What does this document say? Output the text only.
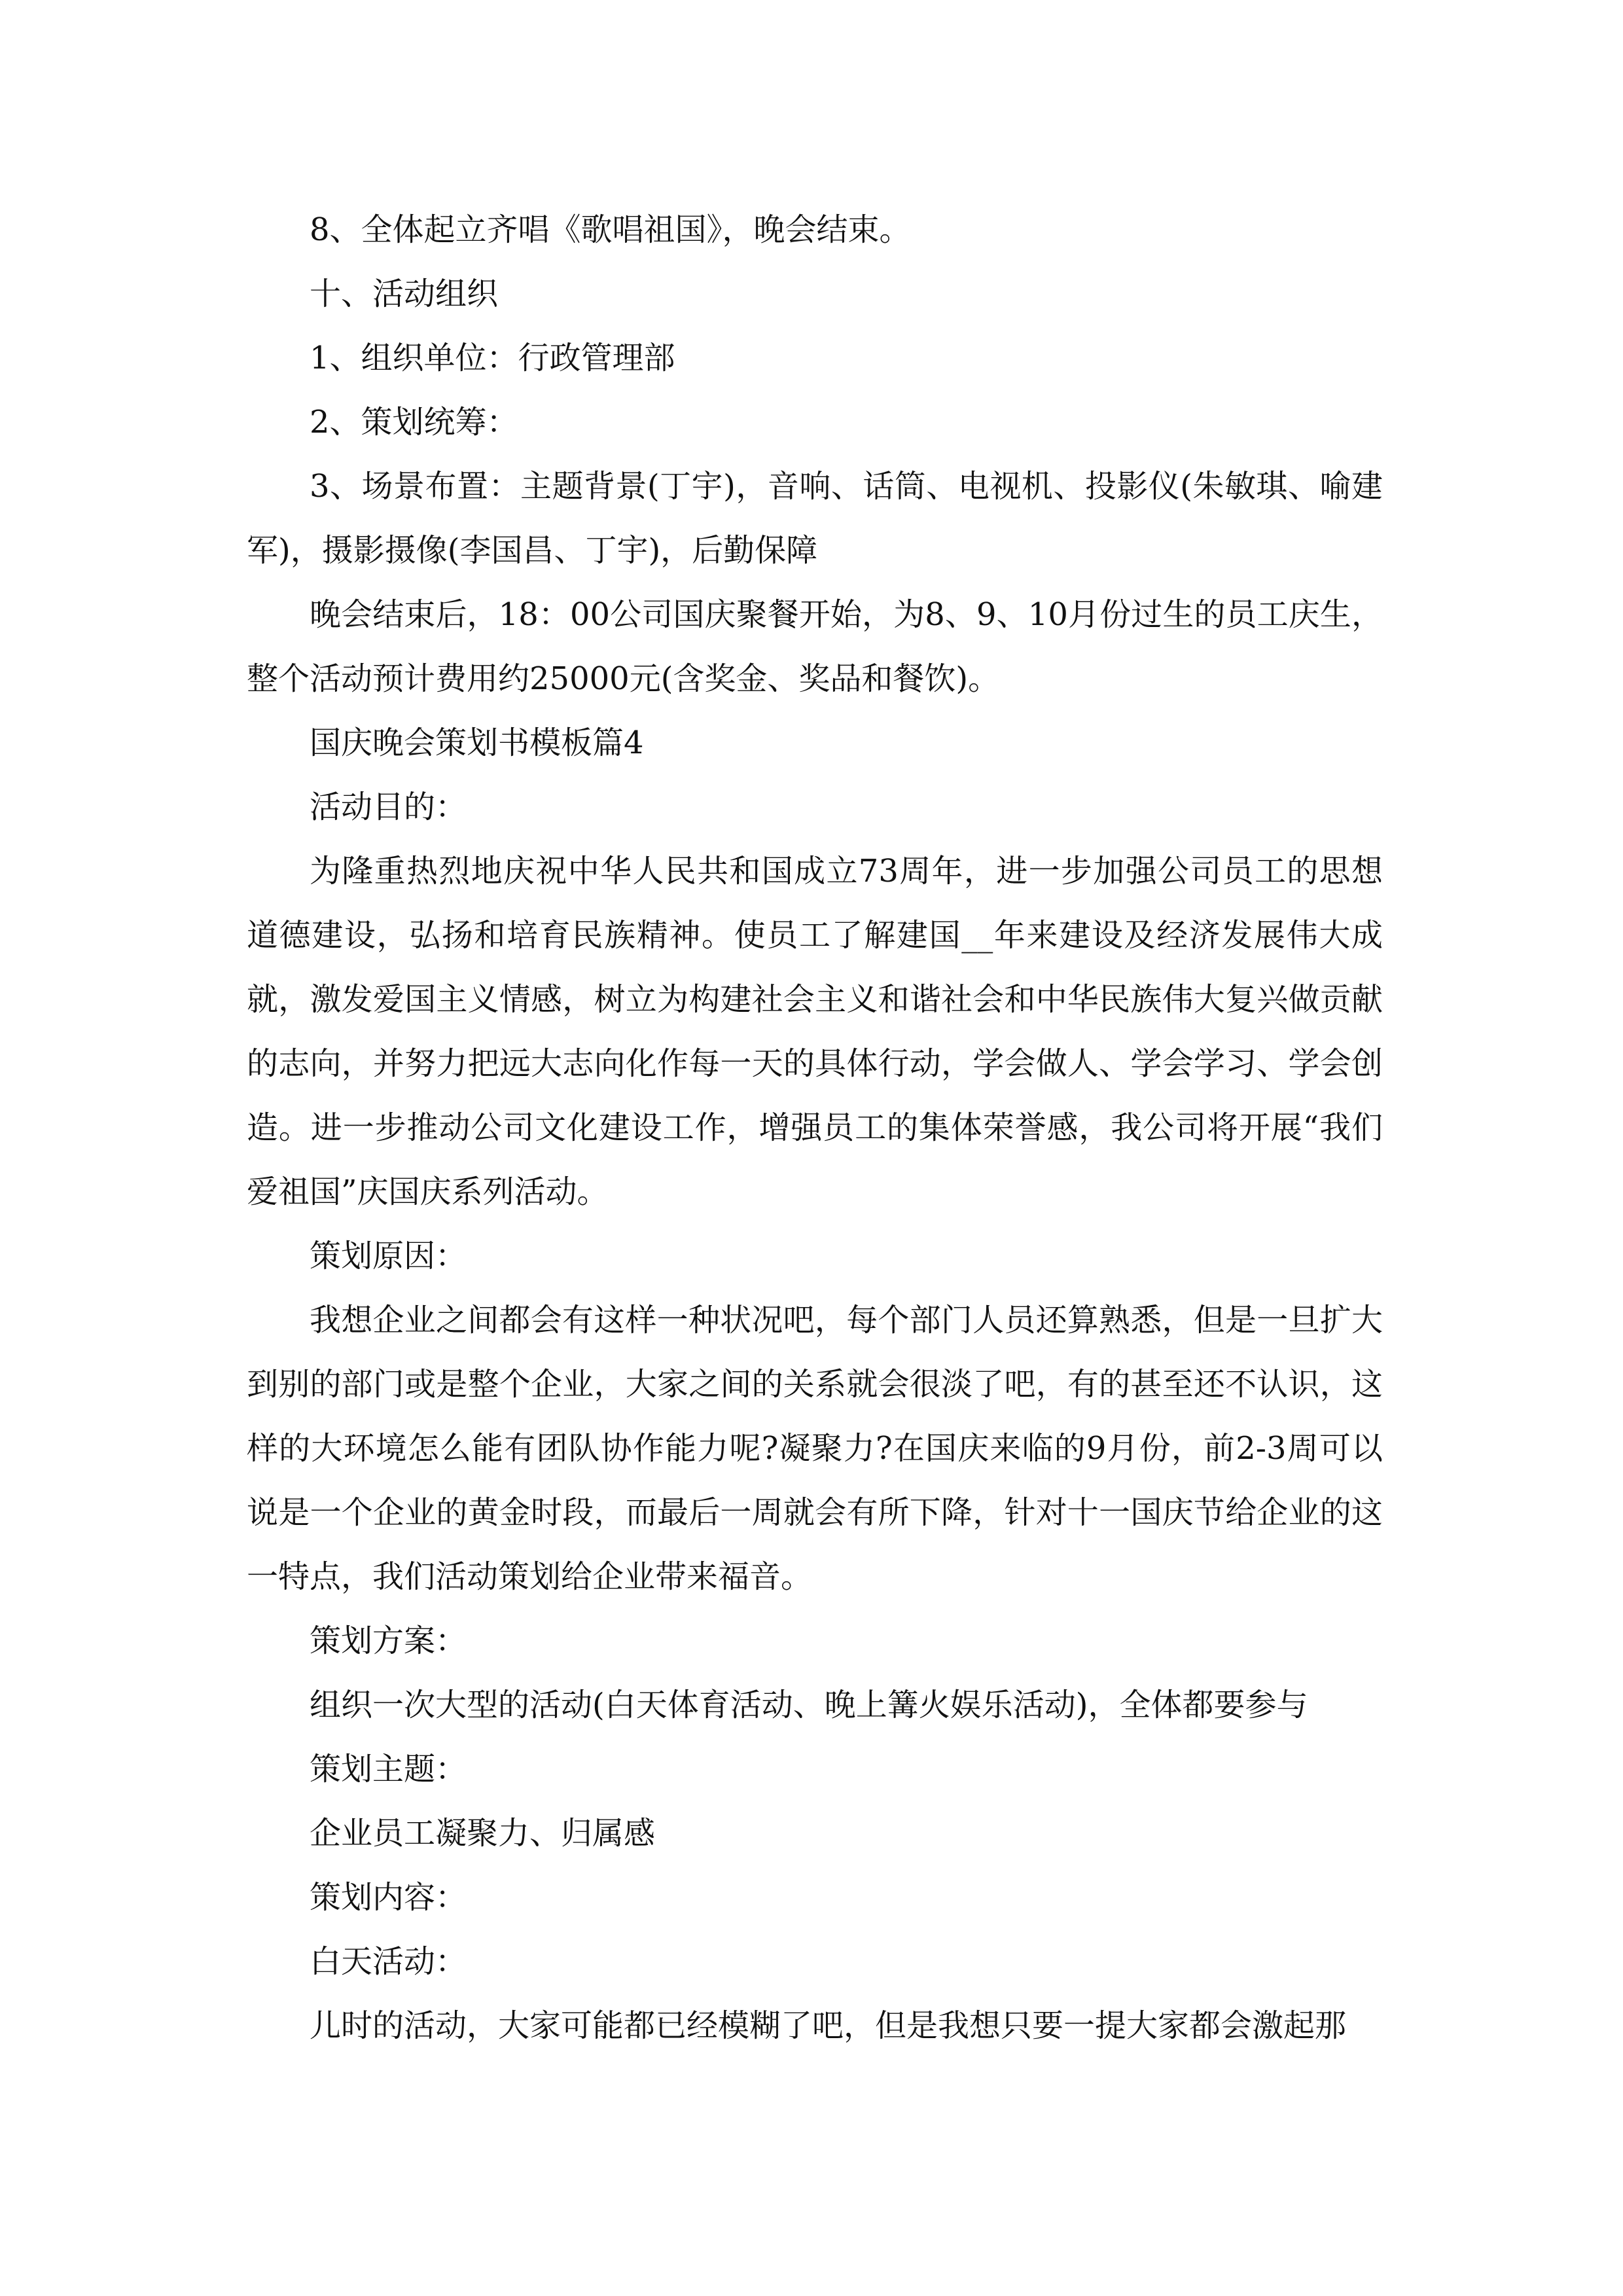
8、全体起立齐唱《歌唱祖国》，晚会结束。

十、活动组织

1、组织单位：行政管理部

2、策划统筹：

3、场景布置：主题背景(丁宇)，音响、话筒、电视机、投影仪(朱敏琪、喻建军)，摄影摄像(李国昌、丁宇)，后勤保障

晚会结束后，18：00公司国庆聚餐开始，为8、9、10月份过生的员工庆生，整个活动预计费用约25000元(含奖金、奖品和餐饮)。

国庆晚会策划书模板篇4

活动目的：

为隆重热烈地庆祝中华人民共和国成立73周年，进一步加强公司员工的思想道德建设，弘扬和培育民族精神。使员工了解建国__年来建设及经济发展伟大成就，激发爱国主义情感，树立为构建社会主义和谐社会和中华民族伟大复兴做贡献的志向，并努力把远大志向化作每一天的具体行动，学会做人、学会学习、学会创造。进一步推动公司文化建设工作，增强员工的集体荣誉感，我公司将开展“我们爱祖国”庆国庆系列活动。

策划原因：

我想企业之间都会有这样一种状况吧，每个部门人员还算熟悉，但是一旦扩大到别的部门或是整个企业，大家之间的关系就会很淡了吧，有的甚至还不认识，这样的大环境怎么能有团队协作能力呢?凝聚力?在国庆来临的9月份，前2-3周可以说是一个企业的黄金时段，而最后一周就会有所下降，针对十一国庆节给企业的这一特点，我们活动策划给企业带来福音。

策划方案：

组织一次大型的活动(白天体育活动、晚上篝火娱乐活动)，全体都要参与

策划主题：

企业员工凝聚力、归属感

策划内容：

白天活动：

儿时的活动，大家可能都已经模糊了吧，但是我想只要一提大家都会激起那
